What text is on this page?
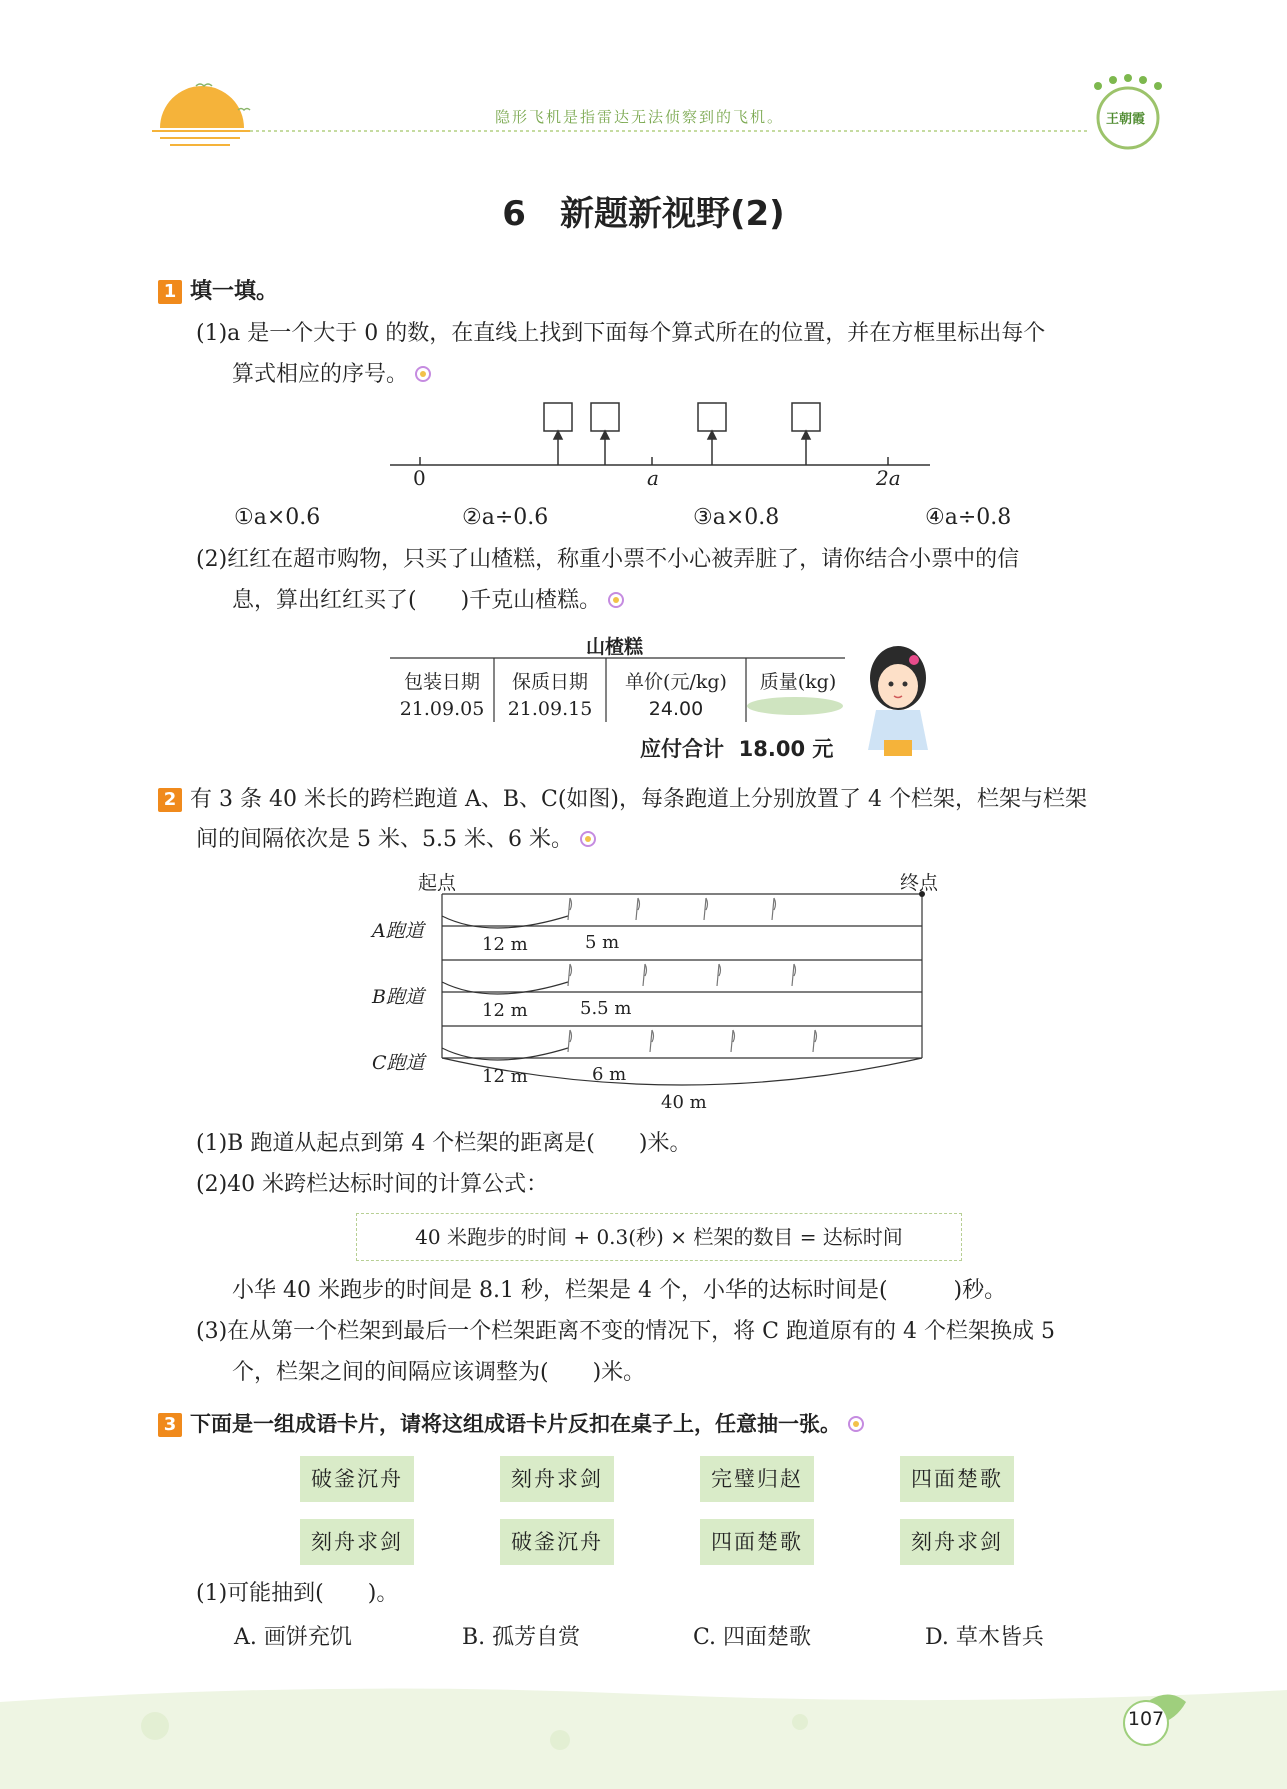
王朝霞
隐形飞机是指雷达无法侦察到的飞机。
6　新题新视野(2)
1 填一填。
(1)a 是一个大于 0 的数，在直线上找到下面每个算式所在的位置，并在方框里标出每个
算式相应的序号。
0	a	2a
①a×0.6	②a÷0.6	③a×0.8	④a÷0.8
(2)红红在超市购物，只买了山楂糕，称重小票不小心被弄脏了，请你结合小票中的信
息，算出红红买了(　　)千克山楂糕。
山楂糕
包装日期	保质日期	单价(元/kg)	质量(kg)
21.09.05	21.09.15	24.00
应付合计 18.00 元
2 有 3 条 40 米长的跨栏跑道 A、B、C(如图)，每条跑道上分别放置了 4 个栏架，栏架与栏架
间的间隔依次是 5 米、5.5 米、6 米。
起点	终点
A跑道
12 m	5 m
B跑道
12 m	5.5 m
C跑道
12 m	6 m
40 m
(1)B 跑道从起点到第 4 个栏架的距离是(　　)米。
(2)40 米跨栏达标时间的计算公式：
40 米跑步的时间 + 0.3(秒) × 栏架的数目 = 达标时间
小华 40 米跑步的时间是 8.1 秒，栏架是 4 个，小华的达标时间是(　　　)秒。
(3)在从第一个栏架到最后一个栏架距离不变的情况下，将 C 跑道原有的 4 个栏架换成 5
个，栏架之间的间隔应该调整为(　　)米。
3 下面是一组成语卡片，请将这组成语卡片反扣在桌子上，任意抽一张。
破釜沉舟	刻舟求剑	完璧归赵	四面楚歌
刻舟求剑	破釜沉舟	四面楚歌	刻舟求剑
(1)可能抽到(　　)。
A. 画饼充饥	B. 孤芳自赏	C. 四面楚歌	D. 草木皆兵
107
